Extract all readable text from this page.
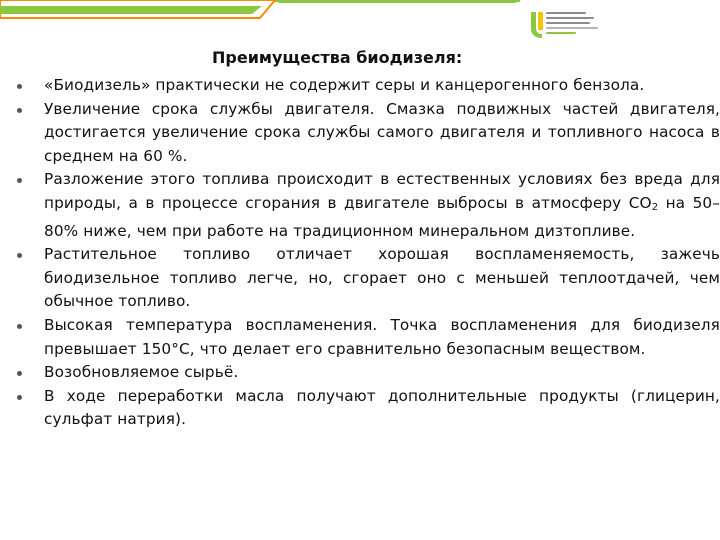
Преимущества биодизеля:
«Биодизель» практически не содержит серы и канцерогенного бензола.
Увеличение срока службы двигателя. Смазка подвижных частей двигателя, достигается увеличение срока службы самого двигателя и топливного насоса в среднем на 60 %.
Разложение этого топлива происходит в естественных условиях без вреда для природы, а в процессе сгорания в двигателе выбросы в атмосферу $СО_2$ на 50–80% ниже, чем при работе на традиционном минеральном дизтопливе.
Растительное топливо отличает хорошая воспламеняемость, зажечь биодизельное топливо легче, но, сгорает оно с меньшей теплоотдачей, чем обычное топливо.
Высокая температура воспламенения. Точка воспламенения для биодизеля превышает 150°С, что делает его сравнительно безопасным веществом.
Возобновляемое сырьё.
В ходе переработки масла получают дополнительные продукты (глицерин, сульфат натрия).
